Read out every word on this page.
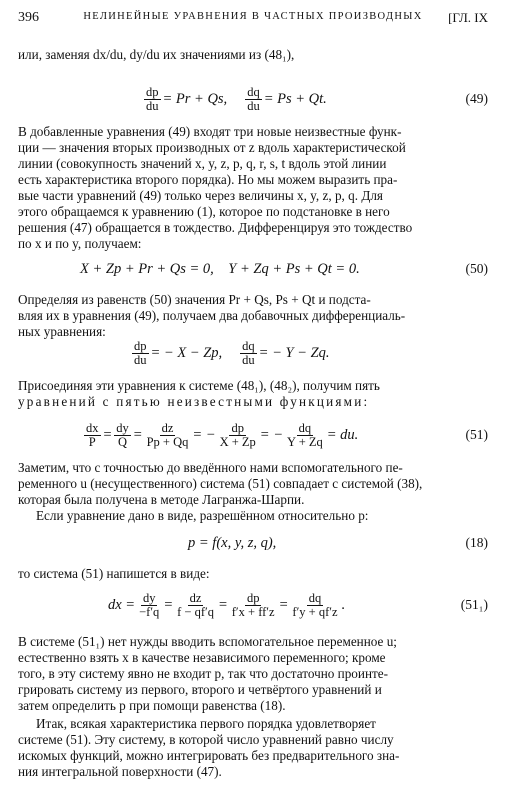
396	НЕЛИНЕЙНЫЕ УРАВНЕНИЯ В ЧАСТНЫХ ПРОИЗВОДНЫХ	[ГЛ. IX
или, заменяя dx/du, dy/du их значениями из (48₁),
$\frac{dp}{du} = Pr + Qs$, $\frac{dq}{du} = Ps + Qt$.	(49)
В добавленные уравнения (49) входят три новые неизвестные функ-
ции — значения вторых производных от z вдоль характеристической
линии (совокупность значений x, y, z, p, q, r, s, t вдоль этой линии
есть характеристика второго порядка). Но мы можем выразить пра-
вые части уравнений (49) только через величины x, y, z, p, q. Для
этого обращаемся к уравнению (1), которое по подстановке в него
решения (47) обращается в тождество. Дифференцируя это тождество
по x и по y, получаем:
X + Zp + Pr + Qs = 0,    Y + Zq + Ps + Qt = 0.	(50)
Определяя из равенств (50) значения Pr + Qs, Ps + Qt и подста-
вляя их в уравнения (49), получаем два добавочных дифференциаль-
ных уравнения:
$\frac{dp}{du}$ = − X − Zp, $\frac{dq}{du}$ = − Y − Zq.
Присоединяя эти уравнения к системе (48₁), (48₂), получим пять
уравнений с пятью неизвестными функциями:
$\frac{dx}{P} = \frac{dy}{Q} = \frac{dz}{Pp + Qq}$ = − $\frac{dp}{X + Zp}$ = − $\frac{dq}{Y + Zq}$ = du.	(51)
Заметим, что с точностью до введённого нами вспомогательного пе-
ременного u (несущественного) система (51) совпадает с системой (38),
которая была получена в методе Лагранжа-Шарпи.
Если уравнение дано в виде, разрешённом относительно p:
p = f(x, y, z, q),	(18)
то система (51) напишется в виде:
dx = $\frac{dy}{-f'q} = \frac{dz}{f - qf'q} = \frac{dp}{f'x + ff'z} = \frac{dq}{f'y + qf'z}$ .	(51₁)
В системе (51₁) нет нужды вводить вспомогательное переменное u;
естественно взять x в качестве независимого переменного; кроме
того, в эту систему явно не входит p, так что достаточно проинте-
грировать систему из первого, второго и четвёртого уравнений и
затем определить p при помощи равенства (18).
Итак, всякая характеристика первого порядка удовлетворяет
системе (51). Эту систему, в которой число уравнений равно числу
искомых функций, можно интегрировать без предварительного зна-
ния интегральной поверхности (47).
